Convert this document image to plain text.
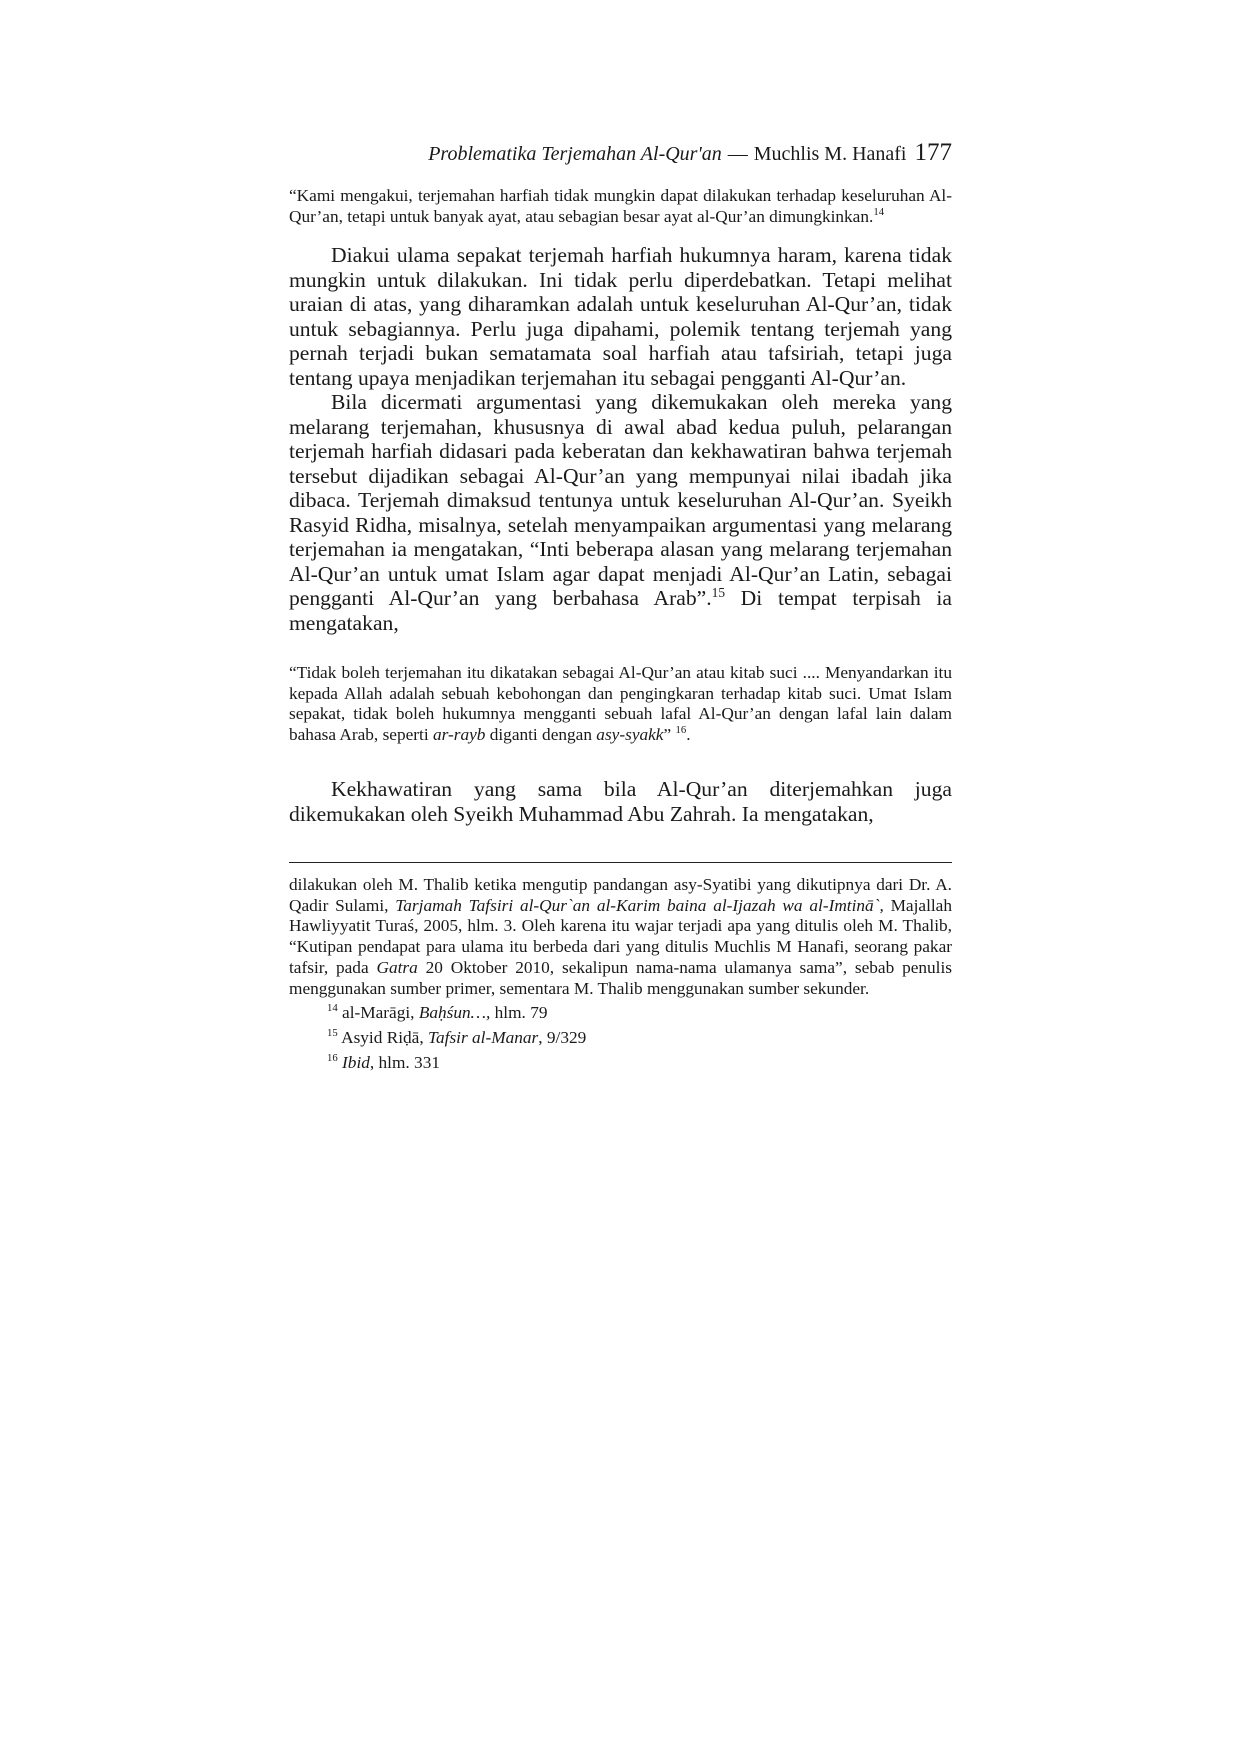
Problematika Terjemahan Al-Qur'an — Muchlis M. Hanafi 177

“Kami mengakui, terjemahan harfiah tidak mungkin dapat dilakukan terhadap keseluruhan Al-Qur’an, tetapi untuk banyak ayat, atau sebagian besar ayat al-Qur’an dimungkinkan.$^{14}$

Diakui ulama sepakat terjemah harfiah hukumnya haram, karena tidak mungkin untuk dilakukan. Ini tidak perlu diperdebatkan. Tetapi melihat uraian di atas, yang diharamkan adalah untuk keseluruhan Al-Qur’an, tidak untuk sebagiannya. Perlu juga dipahami, polemik tentang terjemah yang pernah terjadi bukan sematamata soal harfiah atau tafsiriah, tetapi juga tentang upaya menjadikan terjemahan itu sebagai pengganti Al-Qur’an.

Bila dicermati argumentasi yang dikemukakan oleh mereka yang melarang terjemahan, khususnya di awal abad kedua puluh, pelarangan terjemah harfiah didasari pada keberatan dan kekhawatiran bahwa terjemah tersebut dijadikan sebagai Al-Qur’an yang mempunyai nilai ibadah jika dibaca. Terjemah dimaksud tentunya untuk keseluruhan Al-Qur’an. Syeikh Rasyid Ridha, misalnya, setelah menyampaikan argumentasi yang melarang terjemahan ia mengatakan, “Inti beberapa alasan yang melarang terjemahan Al-Qur’an untuk umat Islam agar dapat menjadi Al-Qur’an Latin, sebagai pengganti Al-Qur’an yang berbahasa Arab”.$^{15}$ Di tempat terpisah ia mengatakan,

“Tidak boleh terjemahan itu dikatakan sebagai Al-Qur’an atau kitab suci .... Menyandarkan itu kepada Allah adalah sebuah kebohongan dan pengingkaran terhadap kitab suci. Umat Islam sepakat, tidak boleh hukumnya mengganti sebuah lafal Al-Qur’an dengan lafal lain dalam bahasa Arab, seperti ar-rayb diganti dengan asy-syakk” $^{16}$.

Kekhawatiran yang sama bila Al-Qur’an diterjemahkan juga dikemukakan oleh Syeikh Muhammad Abu Zahrah. Ia mengatakan,

dilakukan oleh M. Thalib ketika mengutip pandangan asy-Syatibi yang dikutipnya dari Dr. A. Qadir Sulami, Tarjamah Tafsiri al-Qur`an al-Karim baina al-Ijazah wa al-Imtinā`, Majallah Hawliyyatit Turaś, 2005, hlm. 3. Oleh karena itu wajar terjadi apa yang ditulis oleh M. Thalib, “Kutipan pendapat para ulama itu berbeda dari yang ditulis Muchlis M Hanafi, seorang pakar tafsir, pada Gatra 20 Oktober 2010, sekalipun nama-nama ulamanya sama”, sebab penulis menggunakan sumber primer, sementara M. Thalib menggunakan sumber sekunder.

$^{14}$ al-Marāgi, Baḥśun…, hlm. 79

$^{15}$ Asyid Riḍā, Tafsir al-Manar, 9/329

$^{16}$ Ibid, hlm. 331
